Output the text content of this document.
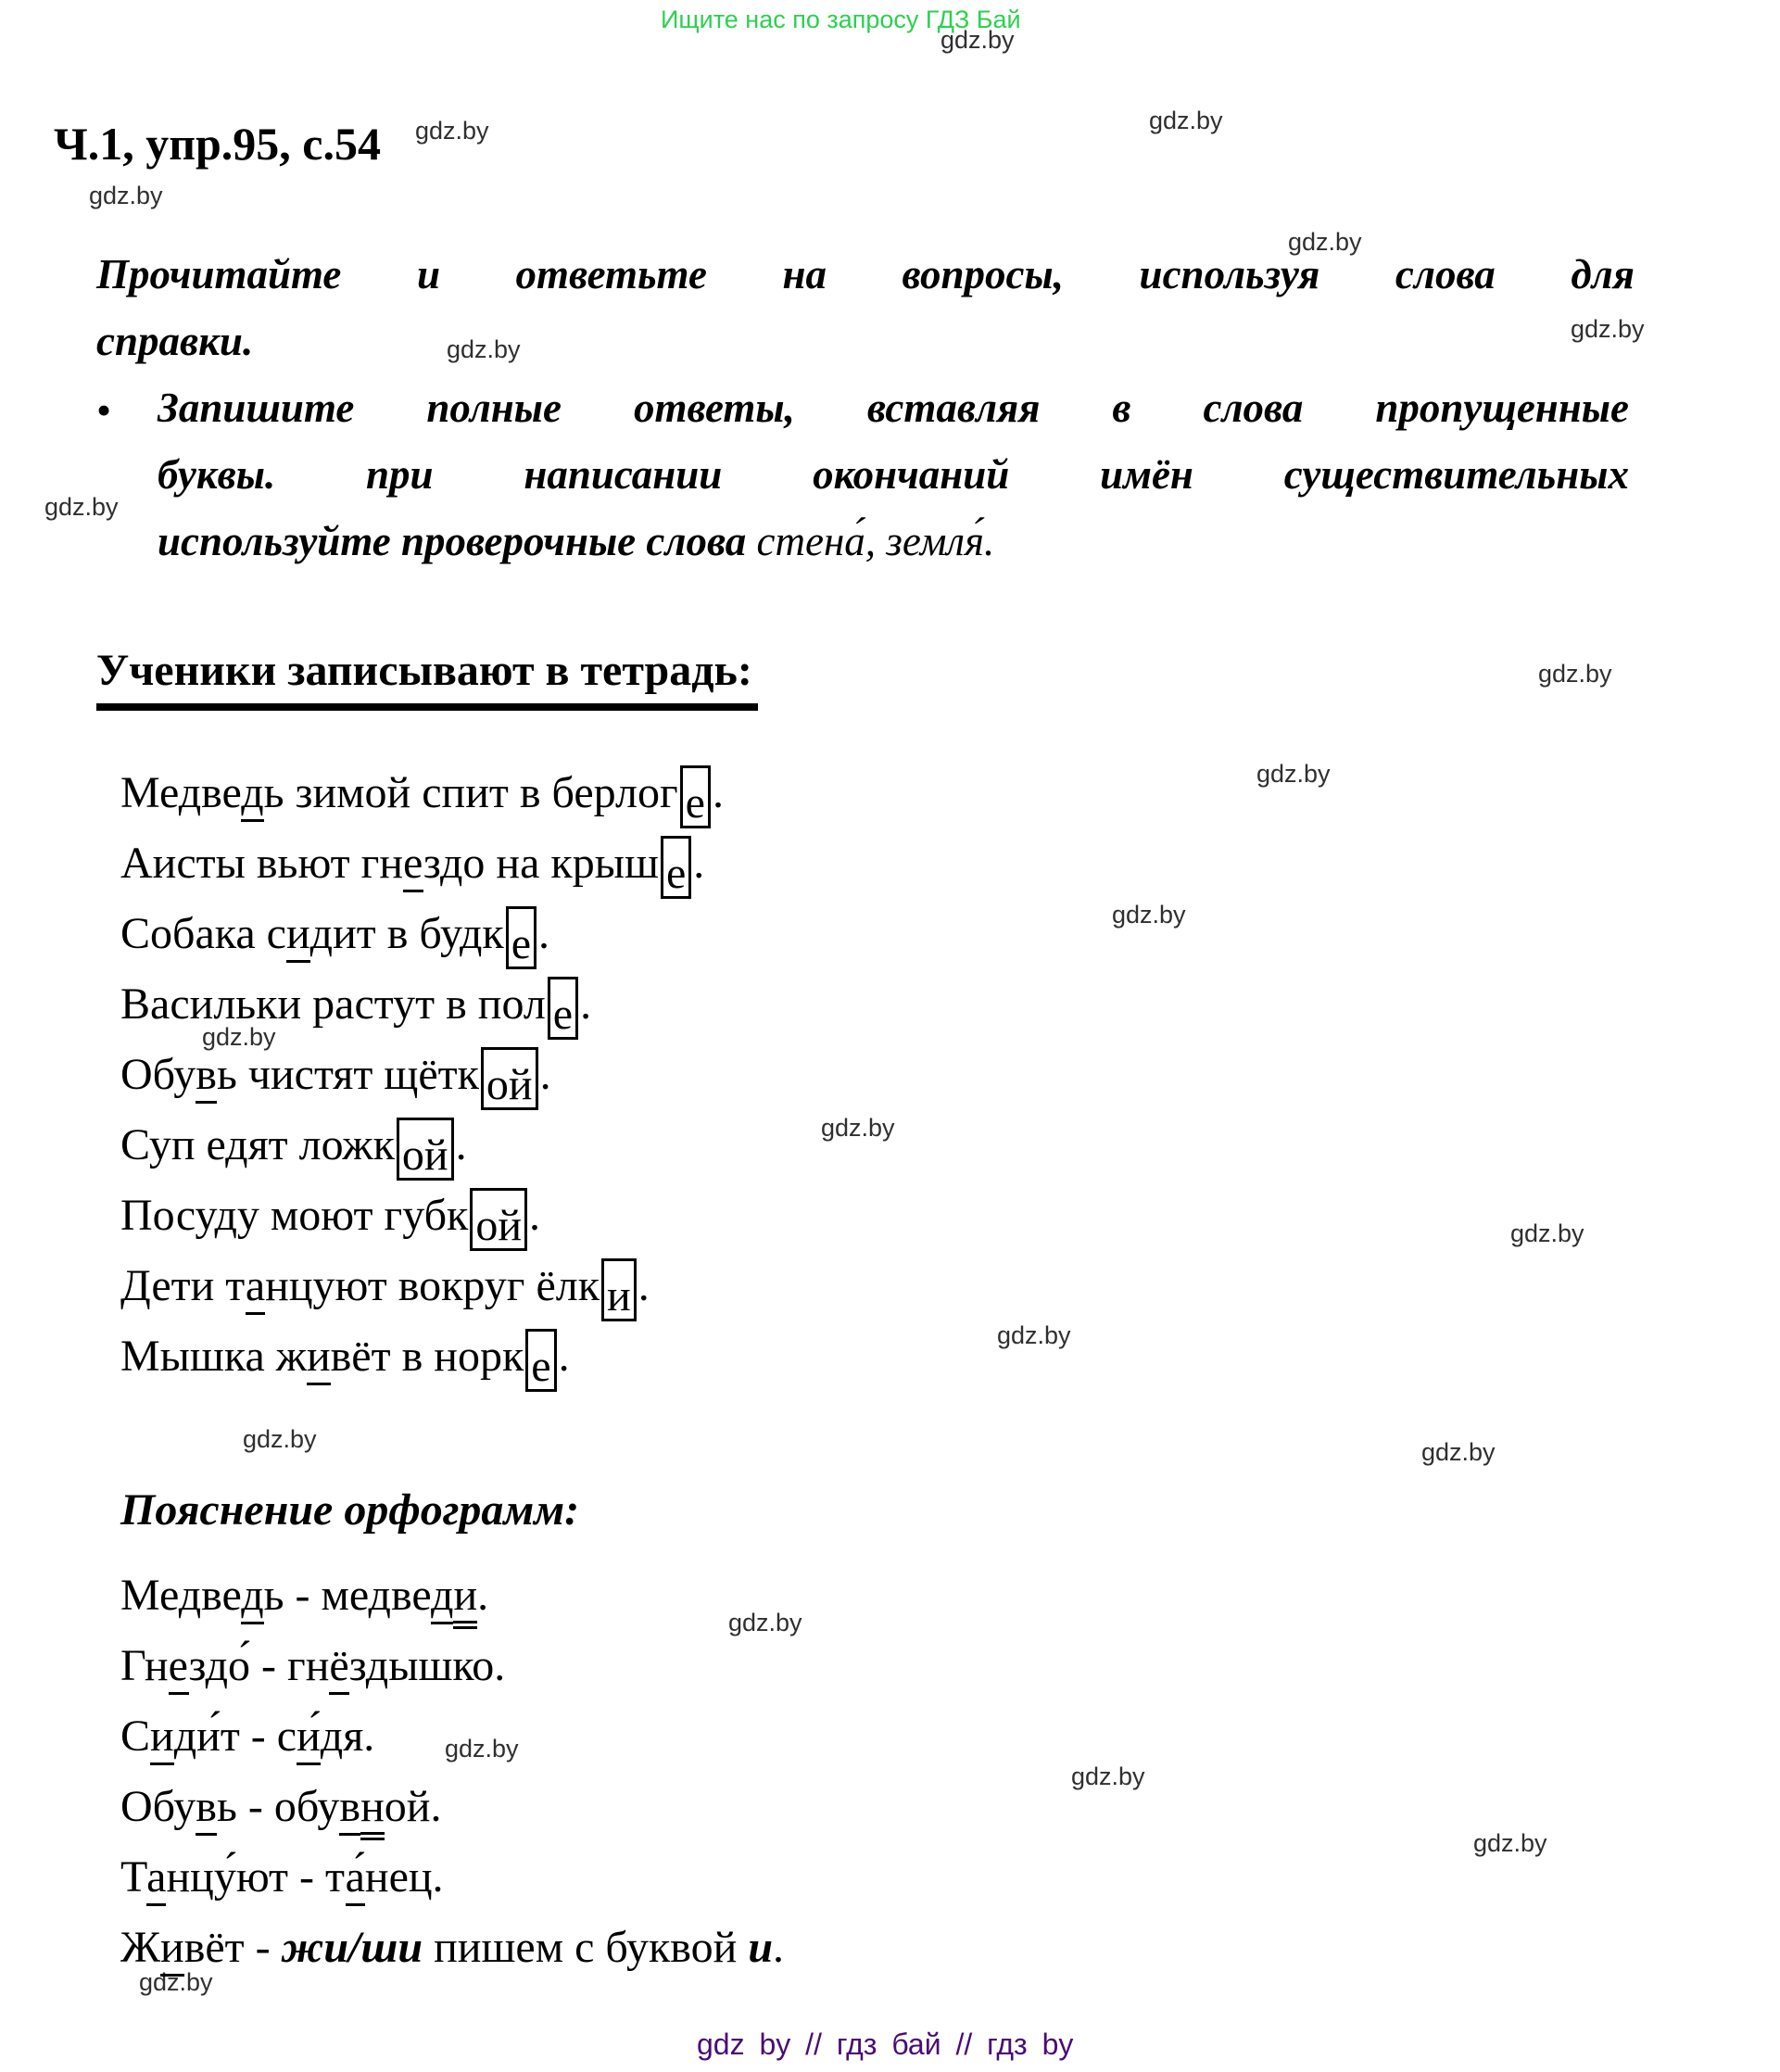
Ищите нас по запросу ГДЗ Бай
gdz.by
gdz.by	gdz.by
gdz.by
gdz.by
gdz.by
gdz.by
gdz.by
gdz.by
gdz.by
gdz.by
gdz.by
gdz.by
gdz.by
gdz.by
gdz.by	gdz.by
gdz.by
gdz.by
gdz.by
gdz.by
gdz.by
Ч.1, упр.95, с.54
Прочитайте и ответьте на вопросы, используя слова для
справки.
• Запишите полные ответы, вставляя в слова пропущенные
буквы. при написании окончаний имён существительных
используйте проверочные слова стена́, земля́.
Ученики записывают в тетрадь:
Медведь зимой спит в берлог е .
Аисты вьют гнездо на крыш е .
Собака сидит в будк е .
Васильки растут в пол е .
Обувь чистят щётк ой .
Суп едят ложк ой .
Посуду моют губк ой .
Дети танцуют вокруг ёлк и .
Мышка живёт в норк е .
Пояснение орфограмм:
Медведь - медведи.
Гнездо́ - гнёздышко.
Сиди́т - си́дя.
Обувь - обувной.
Танцу́ют - та́нец.
Живёт - жи/ши пишем с буквой и.
gdz by // гдз бай // гдз by
